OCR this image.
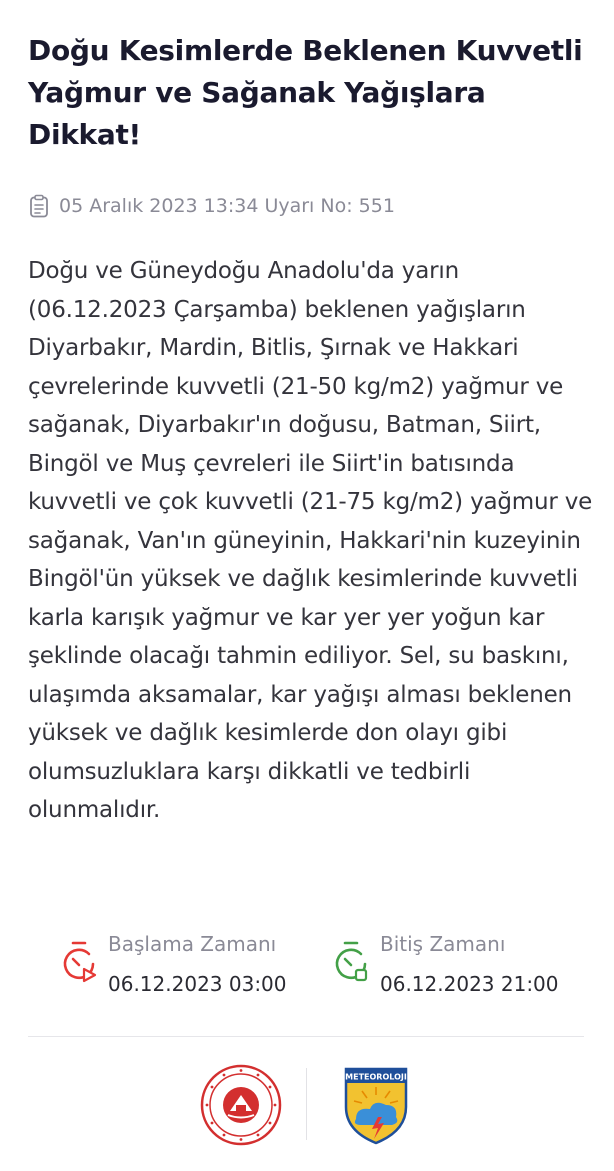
Doğu Kesimlerde Beklenen Kuvvetli Yağmur ve Sağanak Yağışlara Dikkat!
05 Aralık 2023 13:34 Uyarı No: 551

Doğu ve Güneydoğu Anadolu'da yarın (06.12.2023 Çarşamba) beklenen yağışların Diyarbakır, Mardin, Bitlis, Şırnak ve Hakkari çevrelerinde kuvvetli (21-50 kg/m2) yağmur ve sağanak, Diyarbakır'ın doğusu, Batman, Siirt, Bingöl ve Muş çevreleri ile Siirt'in batısında kuvvetli ve çok kuvvetli (21-75 kg/m2) yağmur ve sağanak, Van'ın güneyinin, Hakkari'nin kuzeyinin Bingöl'ün yüksek ve dağlık kesimlerinde kuvvetli karla karışık yağmur ve kar yer yer yoğun kar şeklinde olacağı tahmin ediliyor. Sel, su baskını, ulaşımda aksamalar, kar yağışı alması beklenen yüksek ve dağlık kesimlerde don olayı gibi olumsuzluklara karşı dikkatli ve tedbirli olunmalıdır.

Başlama Zamanı
06.12.2023 03:00
Bitiş Zamanı
06.12.2023 21:00
METEOROLOJI
